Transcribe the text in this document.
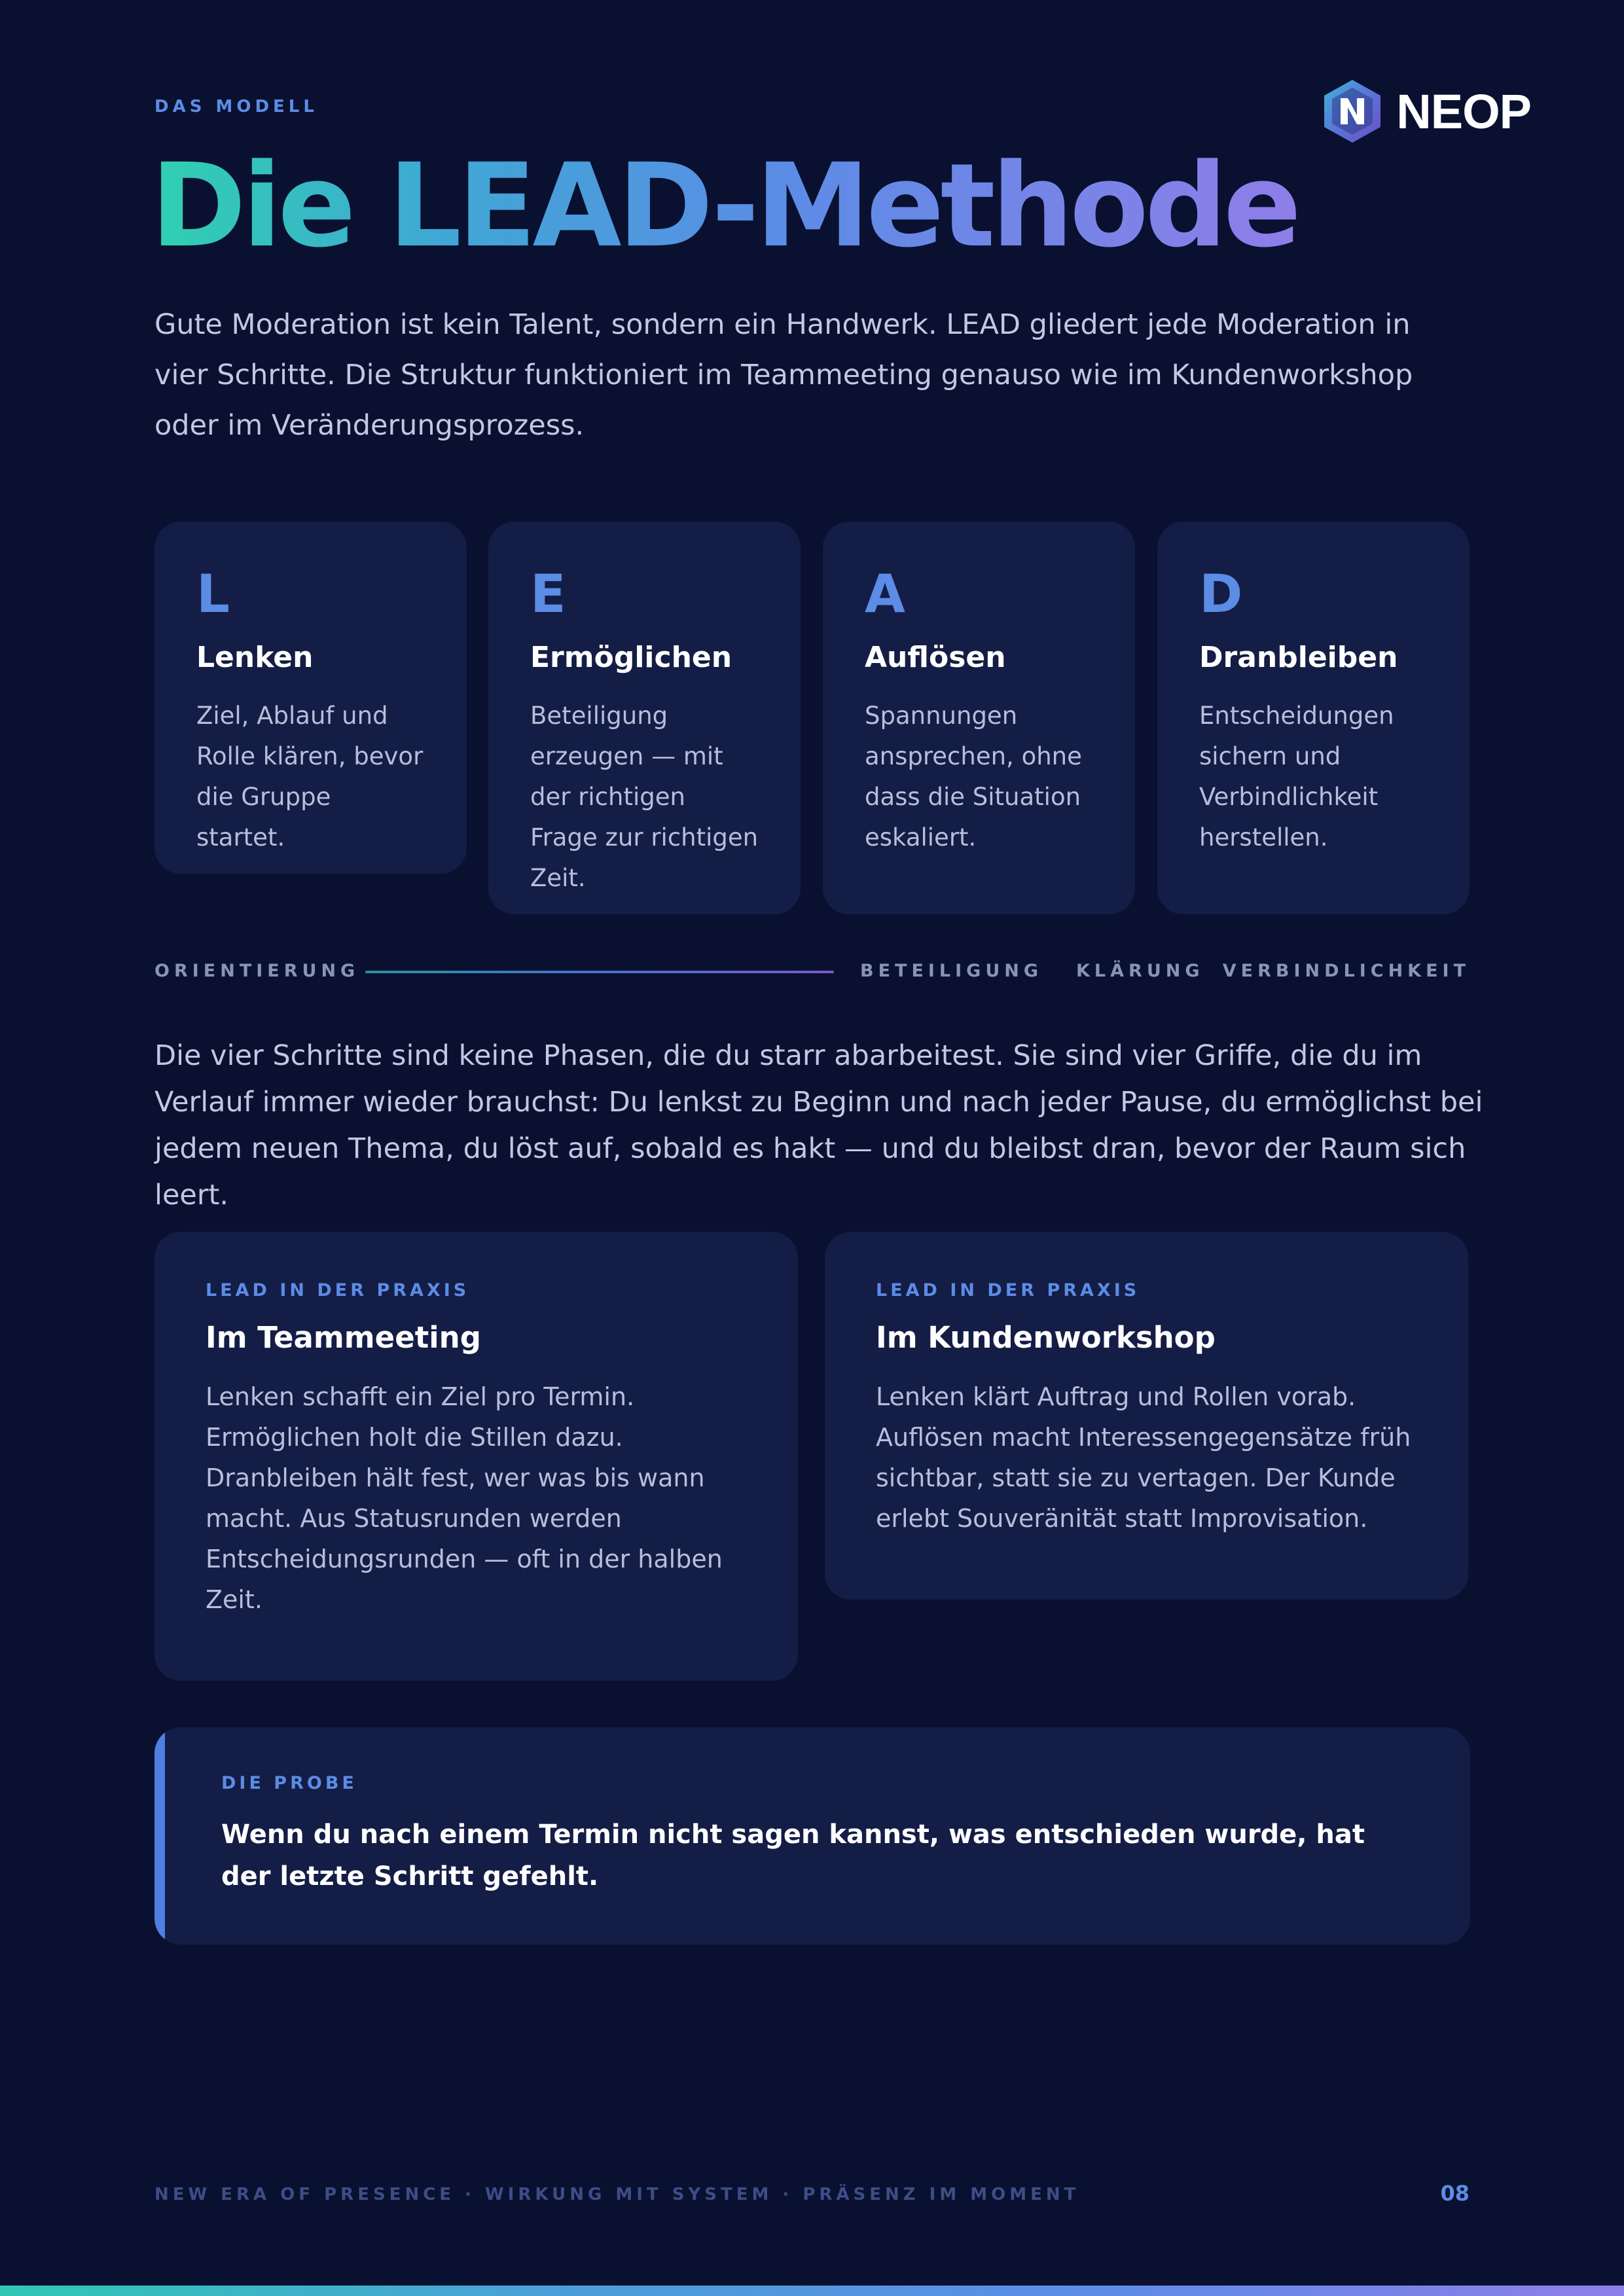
DAS MODELL	NEOP
Die LEAD-Methode

Gute Moderation ist kein Talent, sondern ein Handwerk. LEAD gliedert jede Moderation in vier Schritte. Die Struktur funktioniert im Teammeeting genauso wie im Kundenworkshop oder im Veränderungsprozess.

L
Lenken
Ziel, Ablauf und Rolle klären, bevor die Gruppe startet.
E
Ermöglichen
Beteiligung erzeugen — mit der richtigen Frage zur richtigen Zeit.
A
Auflösen
Spannungen ansprechen, ohne dass die Situation eskaliert.
D
Dranbleiben
Entscheidungen sichern und Verbindlichkeit herstellen.
ORIENTIERUNG	BETEILIGUNG KLÄRUNG VERBINDLICHKEIT

Die vier Schritte sind keine Phasen, die du starr abarbeitest. Sie sind vier Griffe, die du im Verlauf immer wieder brauchst: Du lenkst zu Beginn und nach jeder Pause, du ermöglichst bei jedem neuen Thema, du löst auf, sobald es hakt — und du bleibst dran, bevor der Raum sich leert.

LEAD IN DER PRAXIS
Im Teammeeting
Lenken schafft ein Ziel pro Termin. Ermöglichen holt die Stillen dazu. Dranbleiben hält fest, wer was bis wann macht. Aus Statusrunden werden Entscheidungsrunden — oft in der halben Zeit.
LEAD IN DER PRAXIS
Im Kundenworkshop
Lenken klärt Auftrag und Rollen vorab. Auflösen macht Interessengegensätze früh sichtbar, statt sie zu vertagen. Der Kunde erlebt Souveränität statt Improvisation.
DIE PROBE
Wenn du nach einem Termin nicht sagen kannst, was entschieden wurde, hat der letzte Schritt gefehlt.
NEW ERA OF PRESENCE · WIRKUNG MIT SYSTEM · PRÄSENZ IM MOMENT	08
